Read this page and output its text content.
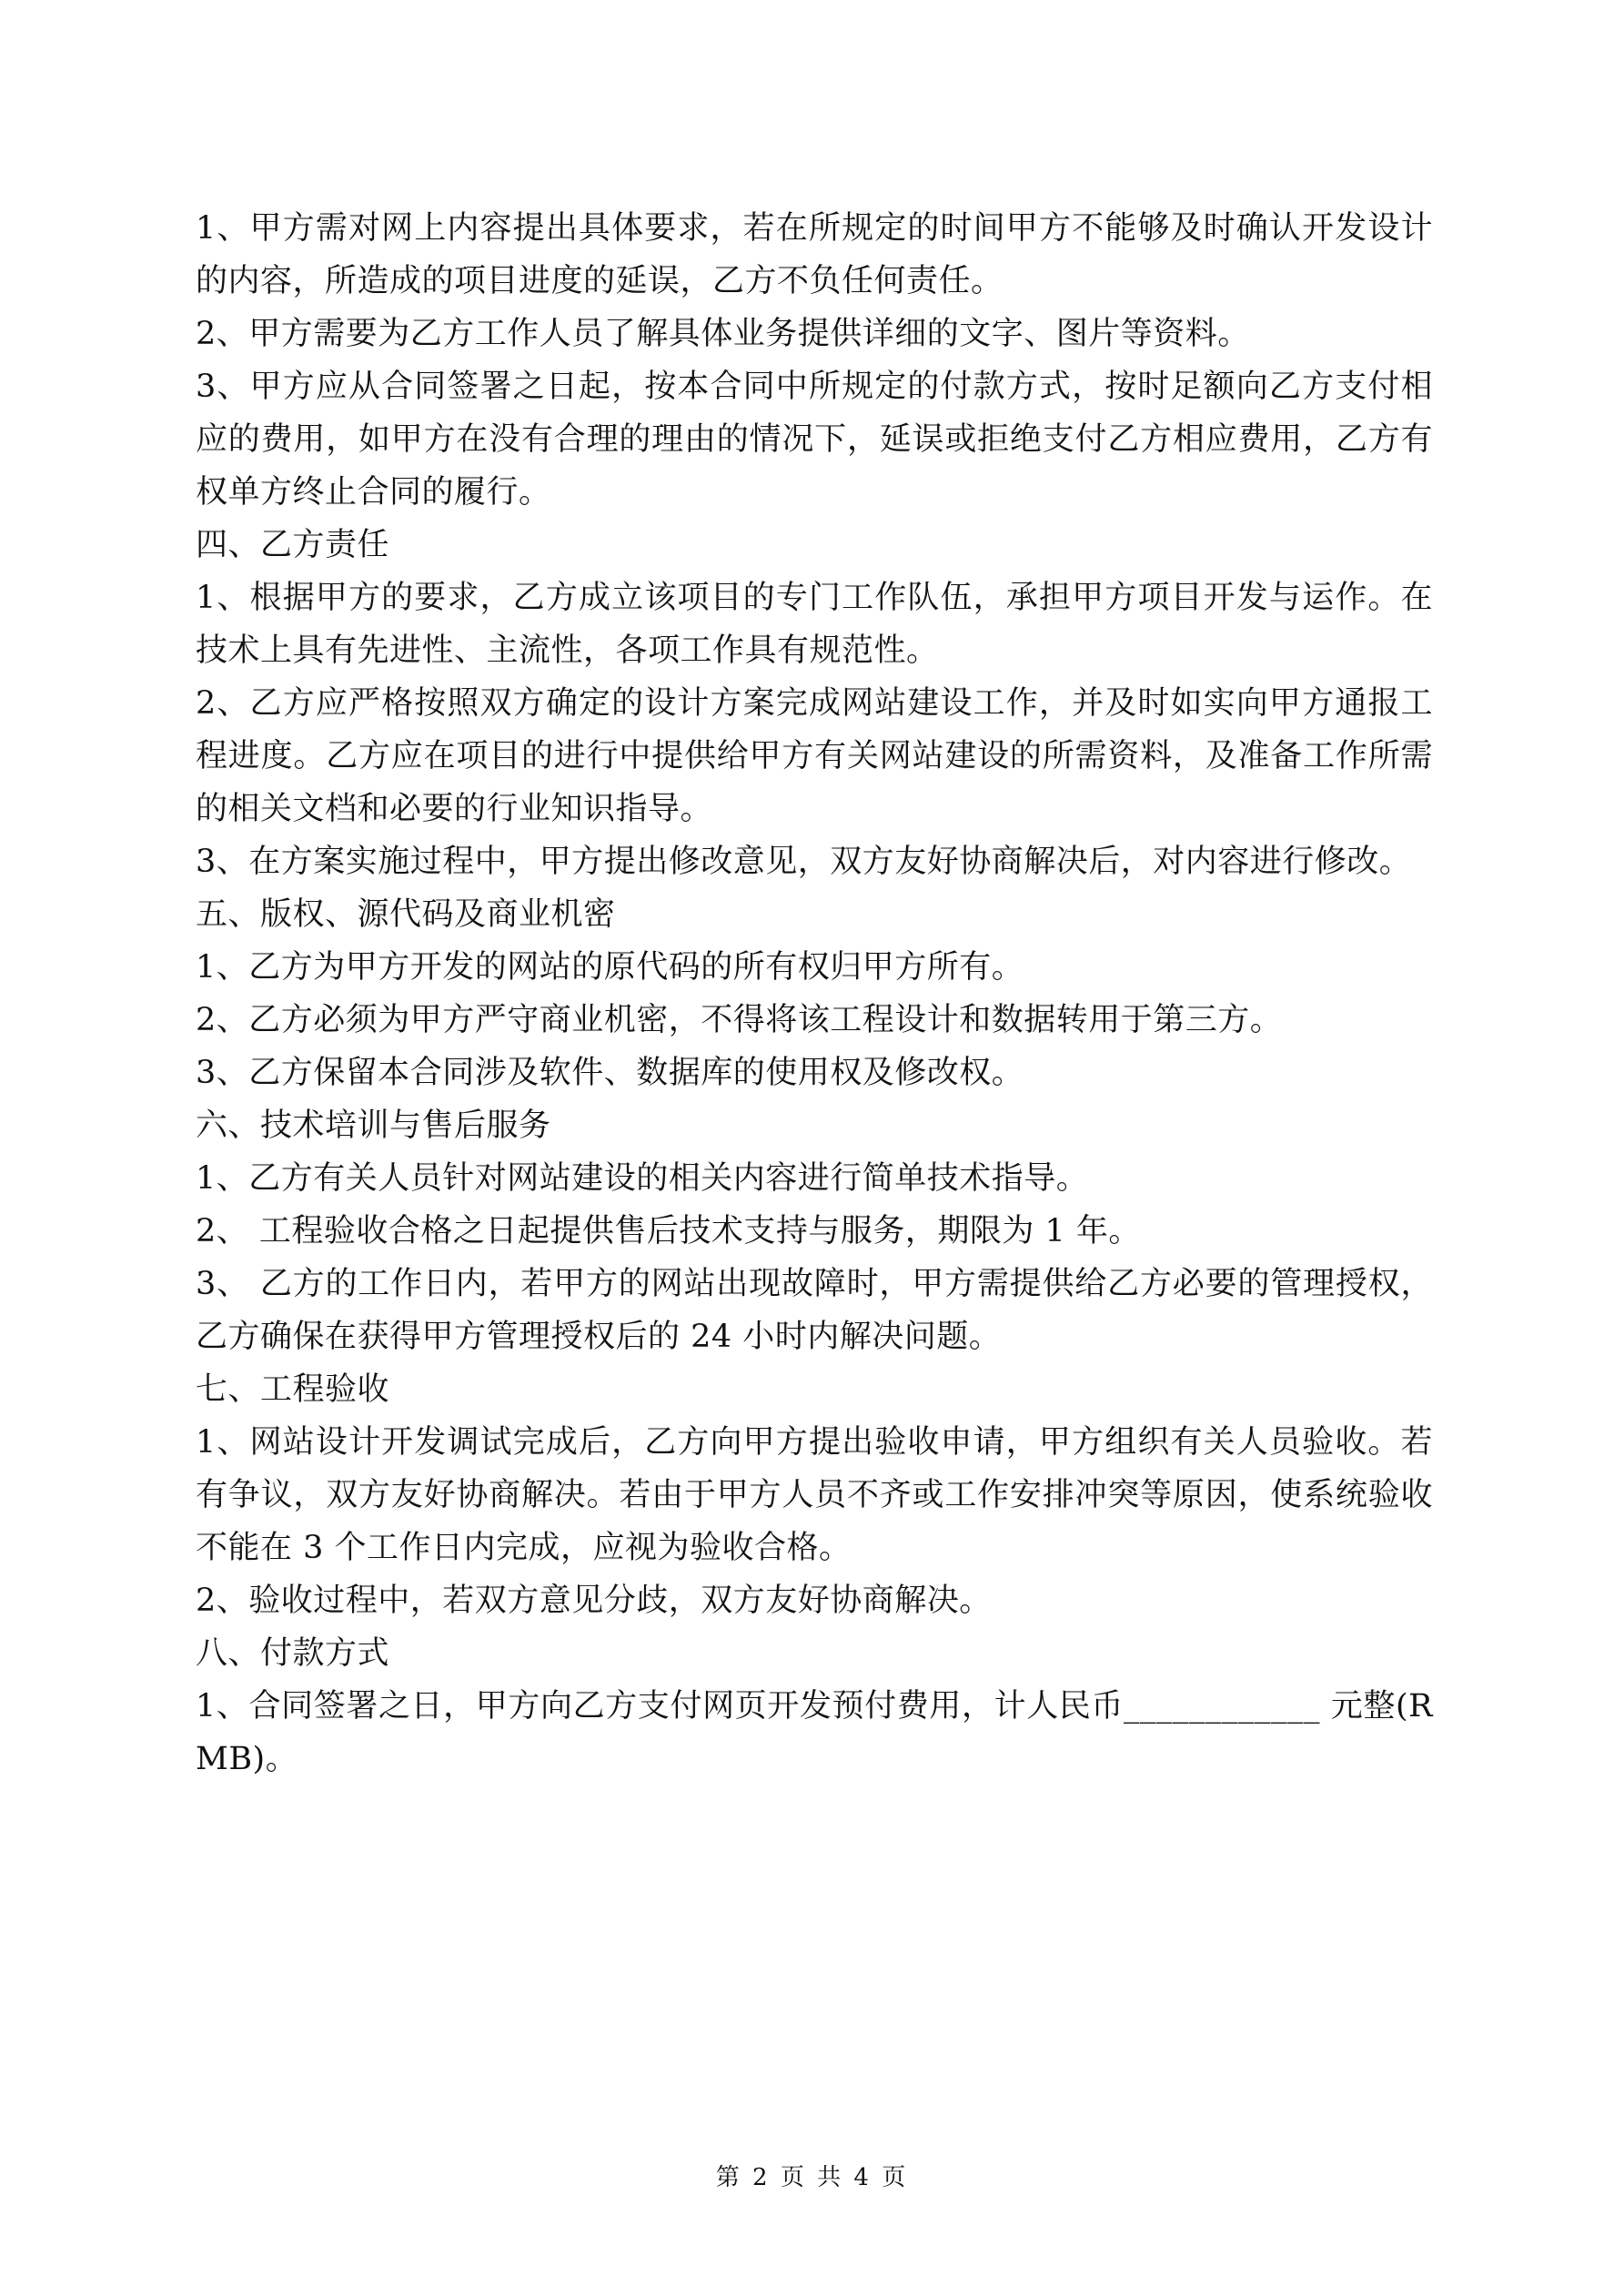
1、甲方需对网上内容提出具体要求，若在所规定的时间甲方不能够及时确认开发设计的内容，所造成的项目进度的延误，乙方不负任何责任。

2、甲方需要为乙方工作人员了解具体业务提供详细的文字、图片等资料。

3、甲方应从合同签署之日起，按本合同中所规定的付款方式，按时足额向乙方支付相应的费用，如甲方在没有合理的理由的情况下，延误或拒绝支付乙方相应费用，乙方有权单方终止合同的履行。

四、乙方责任

1、根据甲方的要求，乙方成立该项目的专门工作队伍，承担甲方项目开发与运作。在技术上具有先进性、主流性，各项工作具有规范性。

2、乙方应严格按照双方确定的设计方案完成网站建设工作，并及时如实向甲方通报工程进度。乙方应在项目的进行中提供给甲方有关网站建设的所需资料，及准备工作所需的相关文档和必要的行业知识指导。

3、在方案实施过程中，甲方提出修改意见，双方友好协商解决后，对内容进行修改。

五、版权、源代码及商业机密

1、乙方为甲方开发的网站的原代码的所有权归甲方所有。

2、乙方必须为甲方严守商业机密，不得将该工程设计和数据转用于第三方。

3、乙方保留本合同涉及软件、数据库的使用权及修改权。

六、技术培训与售后服务

1、乙方有关人员针对网站建设的相关内容进行简单技术指导。

2、 工程验收合格之日起提供售后技术支持与服务，期限为 1 年。

3、 乙方的工作日内，若甲方的网站出现故障时，甲方需提供给乙方必要的管理授权，乙方确保在获得甲方管理授权后的 24 小时内解决问题。

七、工程验收

1、网站设计开发调试完成后，乙方向甲方提出验收申请，甲方组织有关人员验收。若有争议，双方友好协商解决。若由于甲方人员不齐或工作安排冲突等原因，使系统验收不能在 3 个工作日内完成，应视为验收合格。

2、验收过程中，若双方意见分歧，双方友好协商解决。

八、付款方式

1、合同签署之日，甲方向乙方支付网页开发预付费用，计人民币____________ 元整(RMB)。

第 2 页 共 4 页
